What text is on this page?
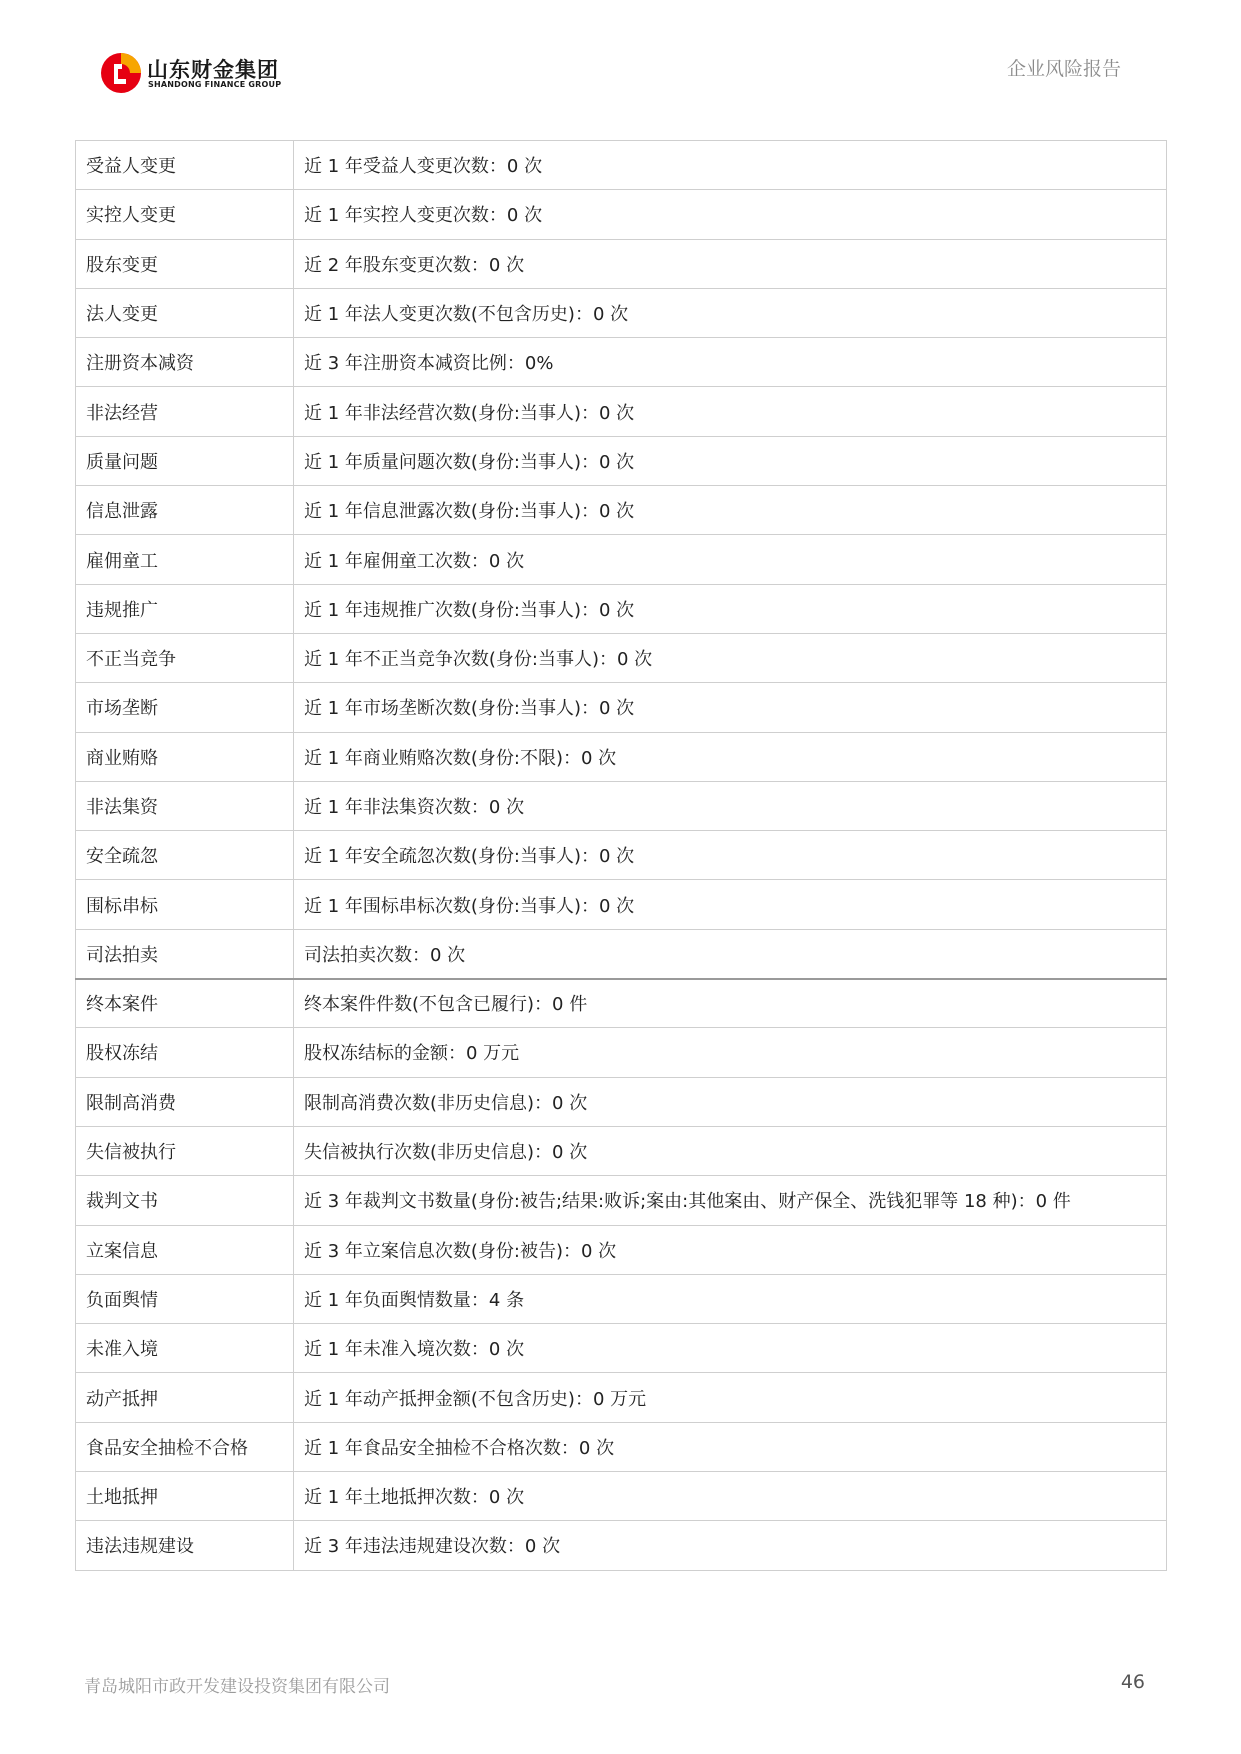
山东财金集团
SHANDONG FINANCE GROUP
企业风险报告
受益人变更	近 1 年受益人变更次数：0 次
实控人变更	近 1 年实控人变更次数：0 次
股东变更	近 2 年股东变更次数：0 次
法人变更	近 1 年法人变更次数(不包含历史)：0 次
注册资本减资	近 3 年注册资本减资比例：0%
非法经营	近 1 年非法经营次数(身份:当事人)：0 次
质量问题	近 1 年质量问题次数(身份:当事人)：0 次
信息泄露	近 1 年信息泄露次数(身份:当事人)：0 次
雇佣童工	近 1 年雇佣童工次数：0 次
违规推广	近 1 年违规推广次数(身份:当事人)：0 次
不正当竞争	近 1 年不正当竞争次数(身份:当事人)：0 次
市场垄断	近 1 年市场垄断次数(身份:当事人)：0 次
商业贿赂	近 1 年商业贿赂次数(身份:不限)：0 次
非法集资	近 1 年非法集资次数：0 次
安全疏忽	近 1 年安全疏忽次数(身份:当事人)：0 次
围标串标	近 1 年围标串标次数(身份:当事人)：0 次
司法拍卖	司法拍卖次数：0 次
终本案件	终本案件件数(不包含已履行)：0 件
股权冻结	股权冻结标的金额：0 万元
限制高消费	限制高消费次数(非历史信息)：0 次
失信被执行	失信被执行次数(非历史信息)：0 次
裁判文书	近 3 年裁判文书数量(身份:被告;结果:败诉;案由:其他案由、财产保全、洗钱犯罪等 18 种)：0 件
立案信息	近 3 年立案信息次数(身份:被告)：0 次
负面舆情	近 1 年负面舆情数量：4 条
未准入境	近 1 年未准入境次数：0 次
动产抵押	近 1 年动产抵押金额(不包含历史)：0 万元
食品安全抽检不合格	近 1 年食品安全抽检不合格次数：0 次
土地抵押	近 1 年土地抵押次数：0 次
违法违规建设	近 3 年违法违规建设次数：0 次
青岛城阳市政开发建设投资集团有限公司	46
